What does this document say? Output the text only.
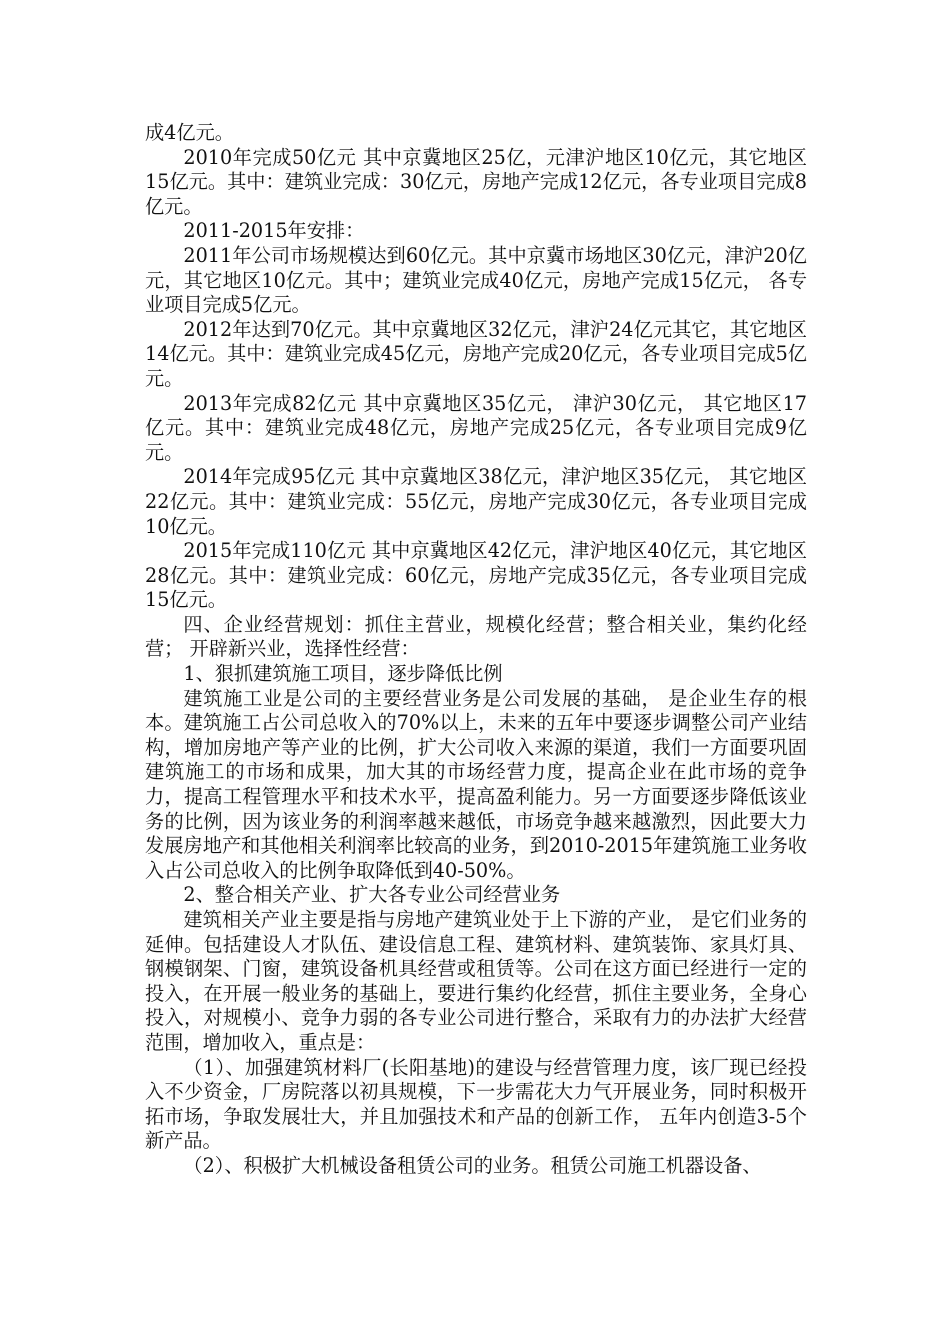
成4亿元。

2010年完成50亿元 其中京冀地区25亿，元津沪地区10亿元，其它地区15亿元。其中：建筑业完成：30亿元，房地产完成12亿元，各专业项目完成8亿元。

2011-2015年安排：

2011年公司市场规模达到60亿元。其中京冀市场地区30亿元，津沪20亿元，其它地区10亿元。其中；建筑业完成40亿元，房地产完成15亿元， 各专业项目完成5亿元。

2012年达到70亿元。其中京冀地区32亿元，津沪24亿元其它，其它地区14亿元。其中：建筑业完成45亿元，房地产完成20亿元，各专业项目完成5亿元。

2013年完成82亿元 其中京冀地区35亿元， 津沪30亿元， 其它地区17亿元。其中：建筑业完成48亿元，房地产完成25亿元，各专业项目完成9亿元。

2014年完成95亿元 其中京冀地区38亿元，津沪地区35亿元， 其它地区22亿元。其中：建筑业完成：55亿元，房地产完成30亿元，各专业项目完成10亿元。

2015年完成110亿元 其中京冀地区42亿元，津沪地区40亿元，其它地区28亿元。其中：建筑业完成：60亿元，房地产完成35亿元，各专业项目完成15亿元。

四、企业经营规划：抓住主营业，规模化经营；整合相关业，集约化经营； 开辟新兴业，选择性经营：

1、狠抓建筑施工项目，逐步降低比例

建筑施工业是公司的主要经营业务是公司发展的基础， 是企业生存的根本。建筑施工占公司总收入的70%以上，未来的五年中要逐步调整公司产业结构，增加房地产等产业的比例，扩大公司收入来源的渠道，我们一方面要巩固建筑施工的市场和成果，加大其的市场经营力度，提高企业在此市场的竞争力，提高工程管理水平和技术水平，提高盈利能力。另一方面要逐步降低该业务的比例，因为该业务的利润率越来越低，市场竞争越来越激烈，因此要大力发展房地产和其他相关利润率比较高的业务，到2010-2015年建筑施工业务收入占公司总收入的比例争取降低到40-50%。

2、整合相关产业、扩大各专业公司经营业务

建筑相关产业主要是指与房地产建筑业处于上下游的产业， 是它们业务的延伸。包括建设人才队伍、建设信息工程、建筑材料、建筑装饰、家具灯具、钢模钢架、门窗，建筑设备机具经营或租赁等。公司在这方面已经进行一定的投入，在开展一般业务的基础上，要进行集约化经营，抓住主要业务，全身心投入，对规模小、竞争力弱的各专业公司进行整合，采取有力的办法扩大经营范围，增加收入，重点是：

（1）、加强建筑材料厂(长阳基地)的建设与经营管理力度，该厂现已经投入不少资金，厂房院落以初具规模，下一步需花大力气开展业务，同时积极开拓市场，争取发展壮大，并且加强技术和产品的创新工作， 五年内创造3-5个新产品。

（2）、积极扩大机械设备租赁公司的业务。租赁公司施工机器设备、
